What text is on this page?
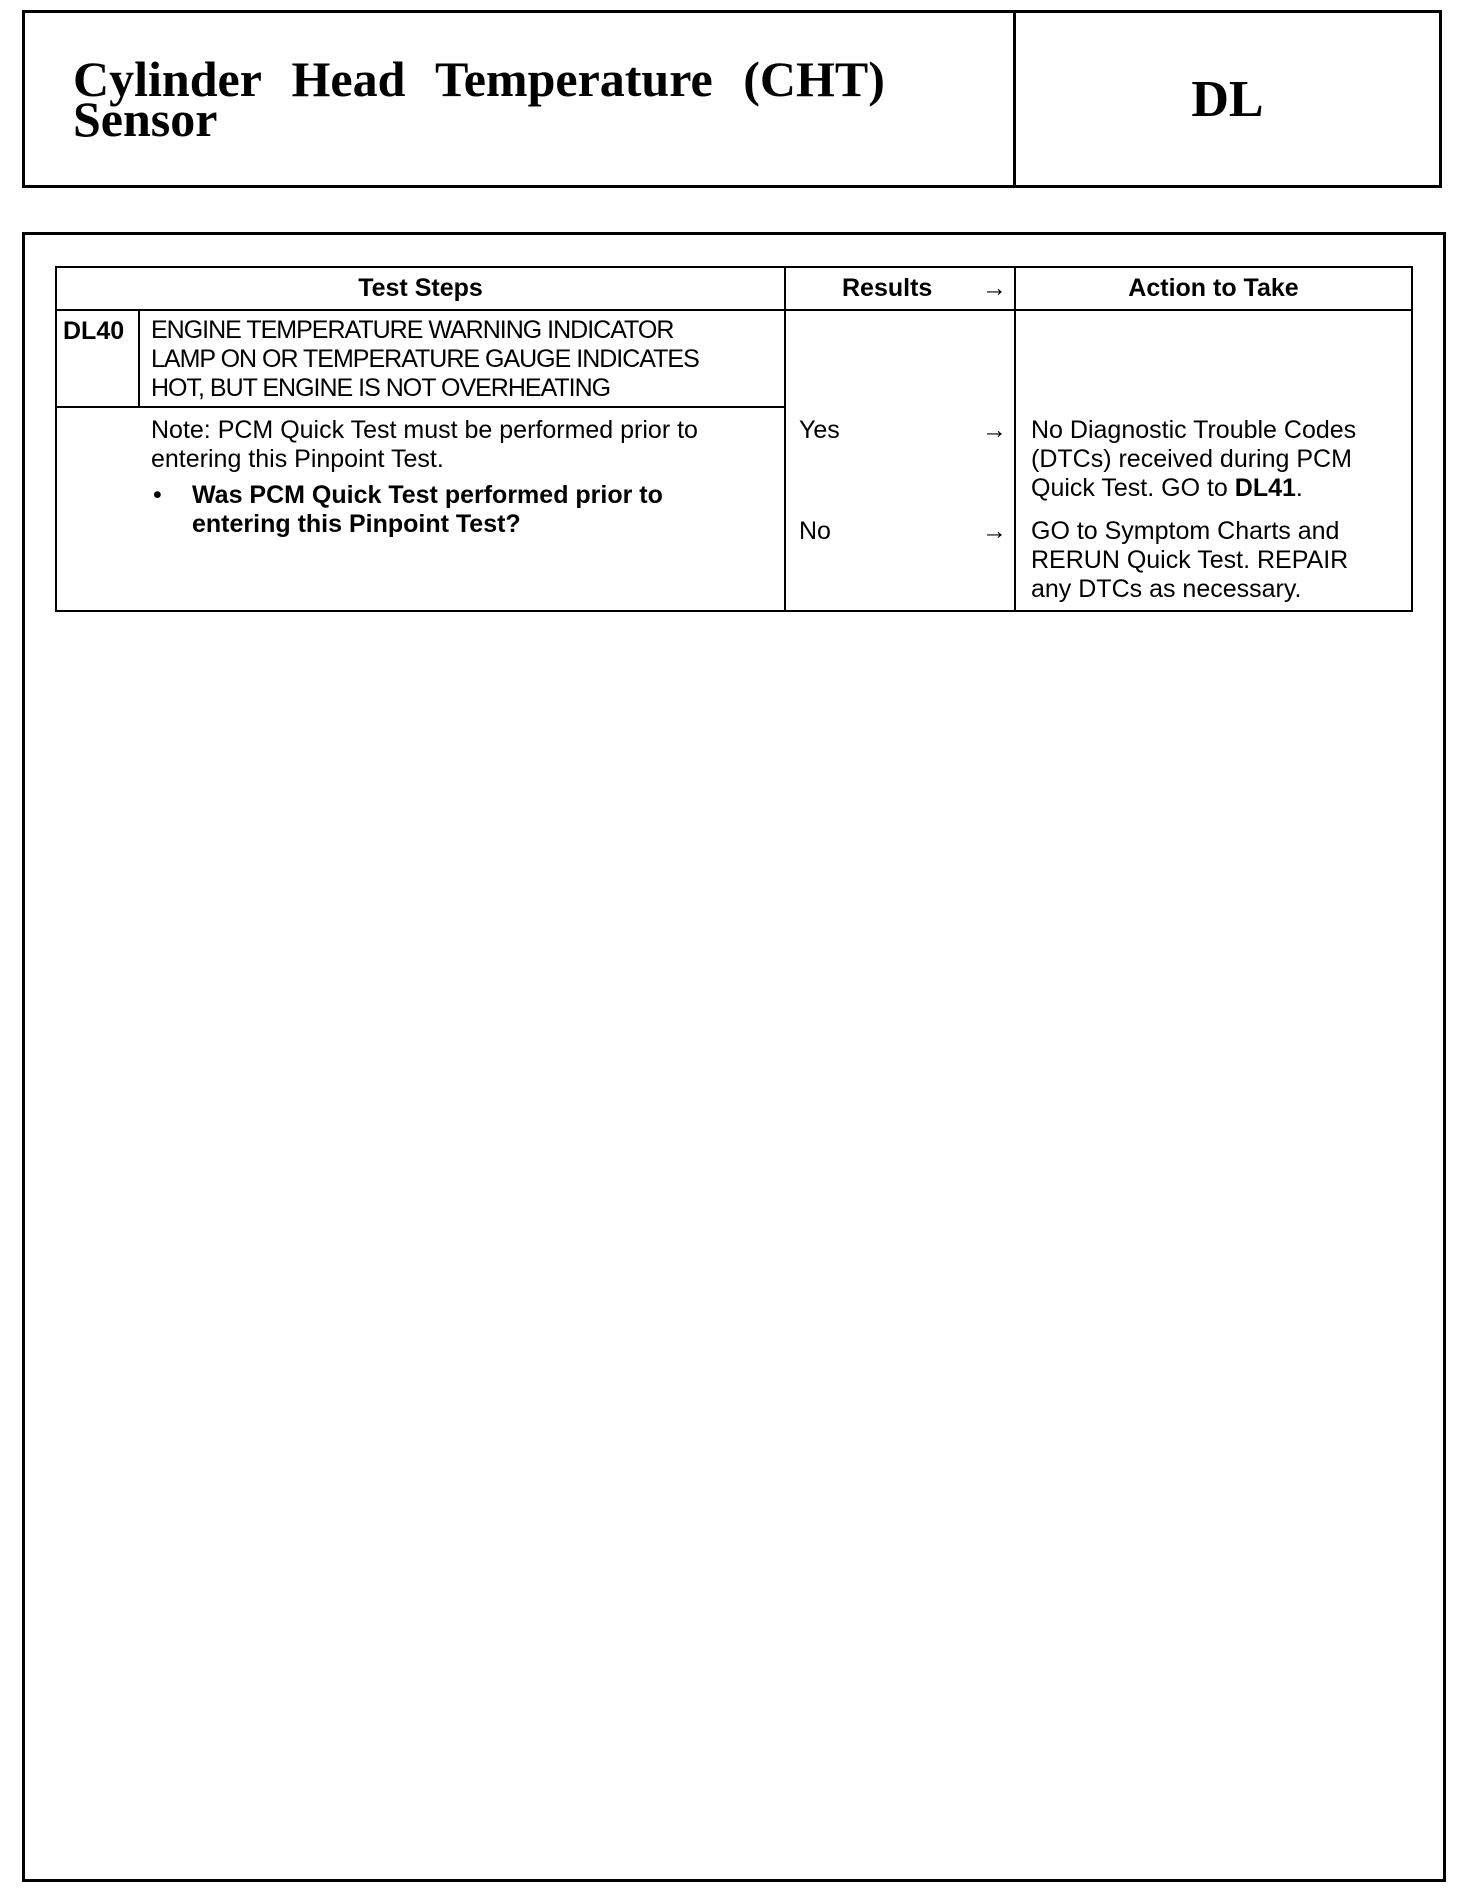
Cylinder Head Temperature (CHT)
Sensor	DL
Test Steps	Results →	Action to Take
DL40 ENGINE TEMPERATURE WARNING INDICATOR
LAMP ON OR TEMPERATURE GAUGE INDICATES
HOT, BUT ENGINE IS NOT OVERHEATING
Note: PCM Quick Test must be performed prior to
entering this Pinpoint Test.
• Was PCM Quick Test performed prior to
entering this Pinpoint Test?
Yes	→ No Diagnostic Trouble Codes
(DTCs) received during PCM
Quick Test. GO to DL41.
No	→ GO to Symptom Charts and
RERUN Quick Test. REPAIR
any DTCs as necessary.
